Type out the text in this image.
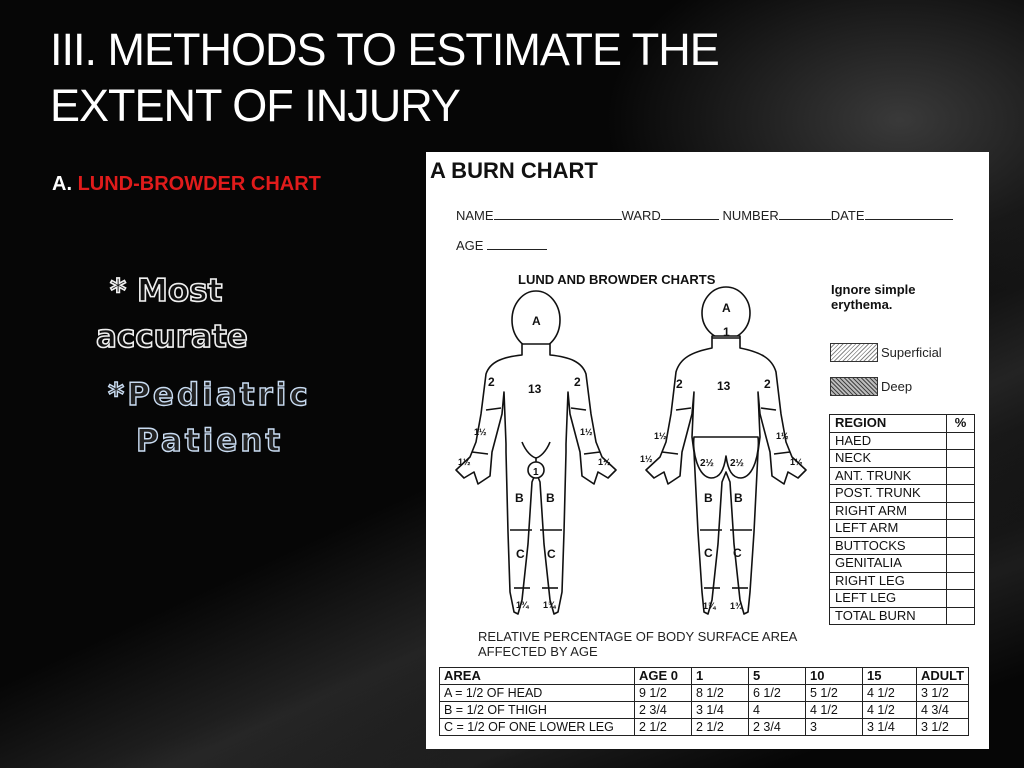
III. METHODS TO ESTIMATE THE EXTENT OF INJURY

A. LUND-BROWDER CHART

* Most
accurate
*Pediatric
Patient
A BURN CHART
NAME	WARD	NUMBER	DATE
AGE
LUND AND BROWDER CHARTS
Ignore simple erythema.
Superficial
Deep
A
13
2	2
1½	1½
1½	1½
1
B B
C C
1¾ 1¾
A
1
13
2	2
1½	1½
1½	1½
2½ 2½
B B
C C
1¾ 1¾
REGION	%
HAED	
NECK	
ANT. TRUNK	
POST. TRUNK	
RIGHT ARM	
LEFT ARM	
BUTTOCKS	
GENITALIA	
RIGHT LEG	
LEFT LEG	
TOTAL BURN	
RELATIVE PERCENTAGE OF BODY SURFACE AREA
AFFECTED BY AGE
AREA	AGE 0	1	5	10	15	ADULT
A = 1/2 OF HEAD	9 1/2	8 1/2	6 1/2	5 1/2	4 1/2	3 1/2
B = 1/2 OF THIGH	2 3/4	3 1/4	4	4 1/2	4 1/2	4 3/4
C = 1/2 OF ONE LOWER LEG	2 1/2	2 1/2	2 3/4	3	3 1/4	3 1/2
